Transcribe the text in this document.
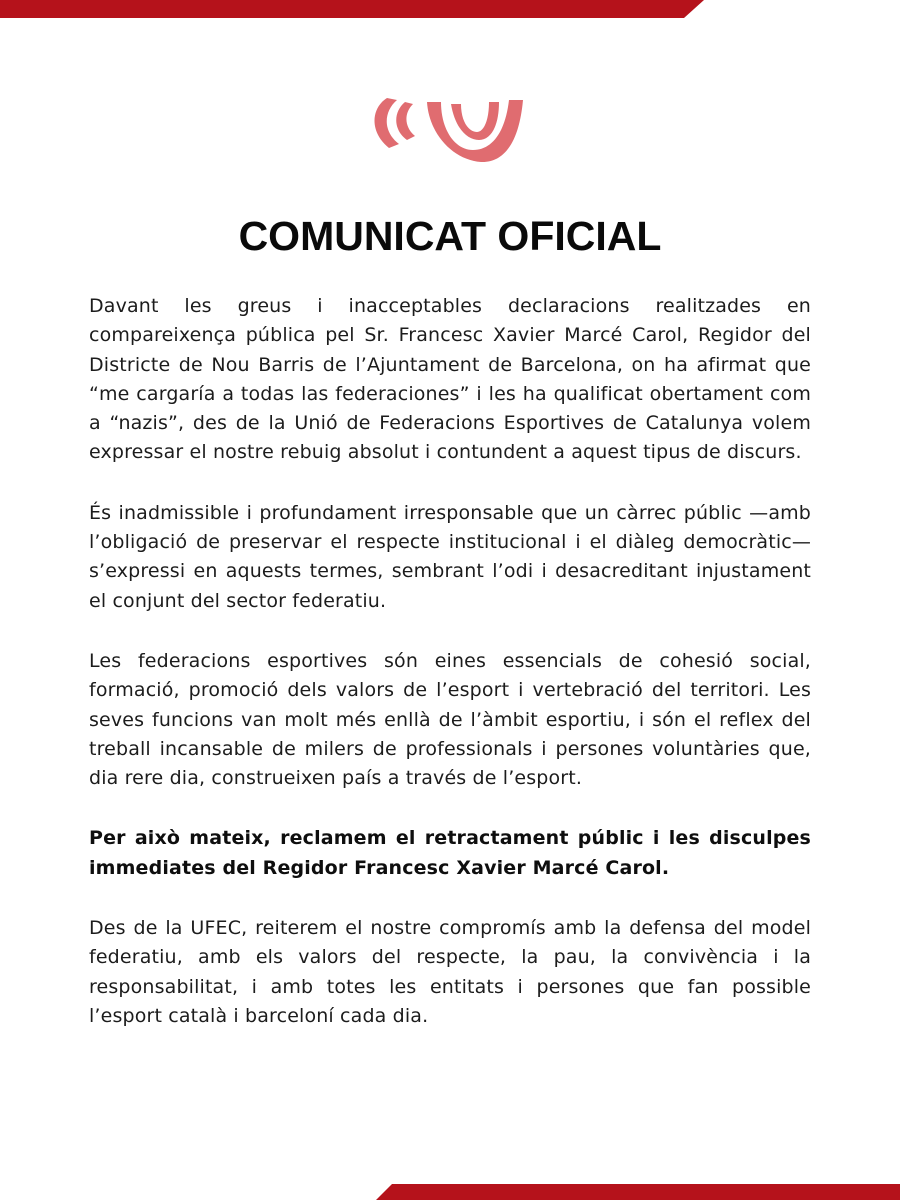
COMUNICAT OFICIAL

Davant les greus i inacceptables declaracions realitzades en compareixença pública pel Sr. Francesc Xavier Marcé Carol, Regidor del Districte de Nou Barris de l’Ajuntament de Barcelona, on ha afirmat que “me cargaría a todas las federaciones” i les ha qualificat obertament com a “nazis”, des de la Unió de Federacions Esportives de Catalunya volem expressar el nostre rebuig absolut i contundent a aquest tipus de discurs.

És inadmissible i profundament irresponsable que un càrrec públic —amb l’obligació de preservar el respecte institucional i el diàleg democràtic— s’expressi en aquests termes, sembrant l’odi i desacreditant injustament el conjunt del sector federatiu.

Les federacions esportives són eines essencials de cohesió social, formació, promoció dels valors de l’esport i vertebració del territori. Les seves funcions van molt més enllà de l’àmbit esportiu, i són el reflex del treball incansable de milers de professionals i persones voluntàries que, dia rere dia, construeixen país a través de l’esport.

Per això mateix, reclamem el retractament públic i les disculpes immediates del Regidor Francesc Xavier Marcé Carol.

Des de la UFEC, reiterem el nostre compromís amb la defensa del model federatiu, amb els valors del respecte, la pau, la convivència i la responsabilitat, i amb totes les entitats i persones que fan possible l’esport català i barceloní cada dia.
